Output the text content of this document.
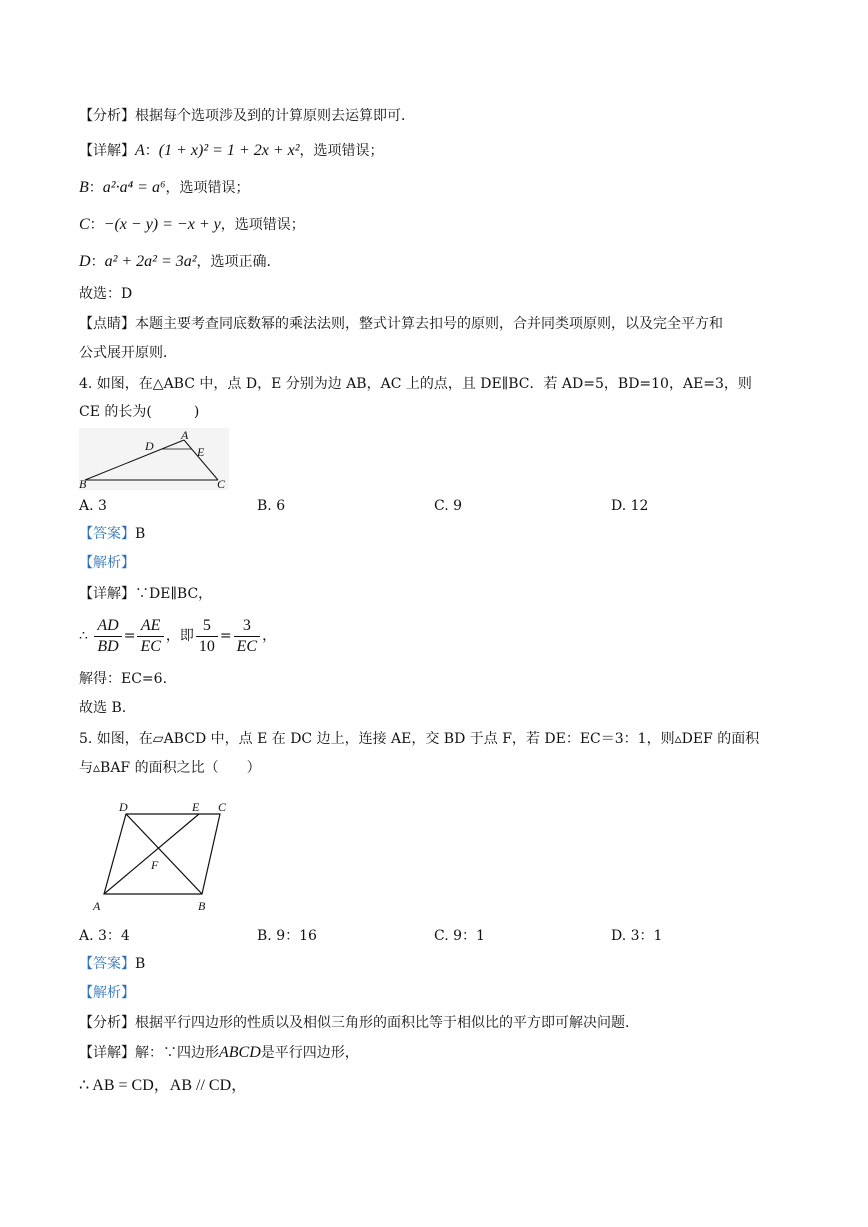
【分析】根据每个选项涉及到的计算原则去运算即可．
【详解】A：(1 + x)² = 1 + 2x + x²，选项错误；
B：a²·a⁴ = a⁶，选项错误；
C：−(x − y) = −x + y，选项错误；
D：a² + 2a² = 3a²，选项正确．
故选：D
【点睛】本题主要考查同底数幂的乘法法则，整式计算去扣号的原则，合并同类项原则，以及完全平方和
公式展开原则．
4. 如图，在△ABC 中，点 D，E 分别为边 AB，AC 上的点，且 DE∥BC．若 AD=5，BD=10，AE=3，则
CE 的长为(　　　)
A
D	E
B	C
A. 3	B. 6	C. 9	D. 12
【答案】B
【解析】
【详解】∵DE∥BC，
∴ $\frac{AD}{BD} = \frac{AE}{EC}$ ，即 $\frac{5}{10} = \frac{3}{EC}$ ，
解得：EC=6.
故选 B.
5. 如图，在▱ABCD 中，点 E 在 DC 边上，连接 AE，交 BD 于点 F，若 DE：EC＝3：1，则▵DEF 的面积
与▵BAF 的面积之比（　　）
D	E C
F
A	B
A. 3：4	B. 9：16	C. 9：1	D. 3：1
【答案】B
【解析】
【分析】根据平行四边形的性质以及相似三角形的面积比等于相似比的平方即可解决问题．
【详解】解：∵四边形ABCD是平行四边形，
∴ AB = CD，AB // CD，
